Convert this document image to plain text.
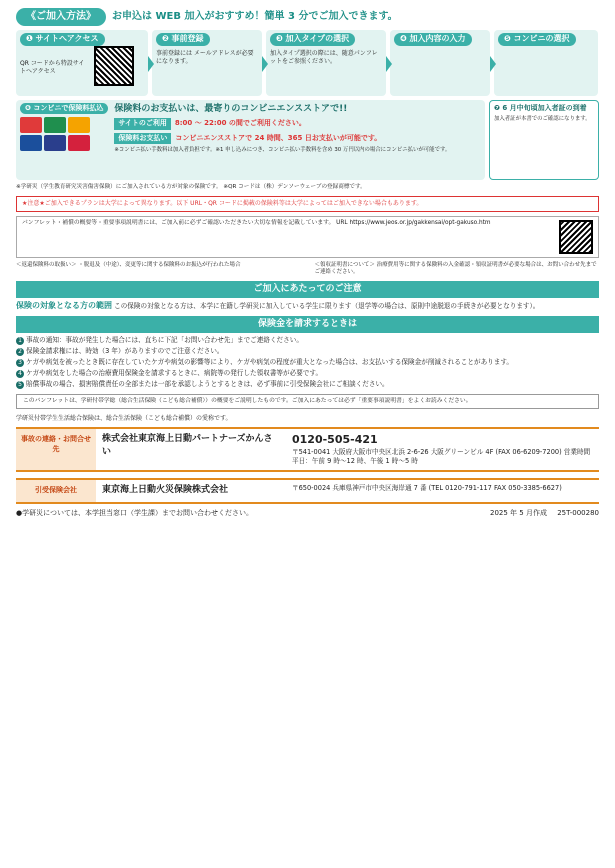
《ご加入方法》	お申込は WEB 加入がおすすめ！簡単 3 分でご加入できます。
❶ サイトへアクセス
QR コードから特設サイトへアクセス
❷ 事前登録
事前登録には メールアドレスが必要になります。
❸ 加入タイプの選択
加入タイプ選択の際には、随意パンフレットをご参照ください。
❹ 加入内容の入力	❺ コンビニの選択
❻ コンビニで保険料払込	保険料のお支払いは、最寄りのコンビニエンスストアで!!
サイトのご利用	8:00 ～ 22:00 の間でご利用ください。
保険料お支払い	コンビニエンスストアで 24 時間、365 日お支払いが可能です。
※コンビニ払い手数料は加入者負担です。※1 申し込みにつき、コンビニ払い手数料を含め 30 万円以内の場合にコンビニ払いが可能です。
❼ 6 月中旬頃加入者証の到着
加入者証が本書でのご確認になります。
※学研災（学生教育研究災害傷害保険）にご加入されている方が対象の保険です。 ※QR コードは（株）デンソーウェーブの登録商標です。
★注意★ご加入できるプランは大学によって異なります。以下 URL・QR コードに掲載の保険料等は大学によってはご加入できない場合もあります。
パンフレット・補償の概要等・重要事項説明書には、ご加入前に必ずご確認いただきたい大切な情報を記載しています。 URL https://www.jeos.or.jp/gakkensai/opt-gakuso.htm
＜返還保険料の取扱い＞ ・脱退及（中途）、変更等に関する保険料のお振込が行われた場合	＜領収証明書について＞ 治療費用等に関する保険料の入金確認・領収証明書が必要な場合は、お問い合わせ先までご連絡ください。
ご加入にあたってのご注意
保険の対象となる方の範囲 この保険の対象となる方は、本学に在籍し学研災に加入している学生に限ります（退学等の場合は、原則中途脱退の手続きが必要となります）。
保険金を請求するときは
1 事故の通知：事故が発生した場合には、直ちに下記「お問い合わせ先」までご連絡ください。
2 保険金請求権には、時効（3 年）がありますのでご注意ください。
3 ケガや病気を被ったとき既に存在していたケガや病気の影響等により、ケガや病気の程度が重大となった場合は、お支払いする保険金が削減されることがあります。
4 ケガや病気をした場合の治療費用保険金を請求するときに、病院等の発行した領収書等が必要です。
5 賠償事故の場合、損害賠償責任の全部または一部を承認しようとするときは、必ず事前に引受保険会社にご相談ください。
このパンフレットは、学研付帯学総（総合生活保険（こども総合補償））の概要をご説明したものです。ご加入にあたっては必ず「重要事項説明書」をよくお読みください。
学研災付帯学生生活総合保険は、総合生活保険（こども総合補償）の愛称です。
事故の連絡・お問合せ先
株式会社東京海上日動パートナーズかんさい
0120-505-421
〒541-0041 大阪府大阪市中央区北浜 2-6-26 大阪グリーンビル 4F (FAX 06-6209-7200) 営業時間 平日：午前 9 時～12 時、午後 1 時～5 時
引受保険会社	東京海上日動火災保険株式会社	〒650-0024 兵庫県神戸市中央区海岸通 7 番 (TEL 0120-791-117 FAX 050-3385-6627)
●学研災については、本学担当窓口（学生課）までお問い合わせください。	2025 年 5 月作成 25T-000280
